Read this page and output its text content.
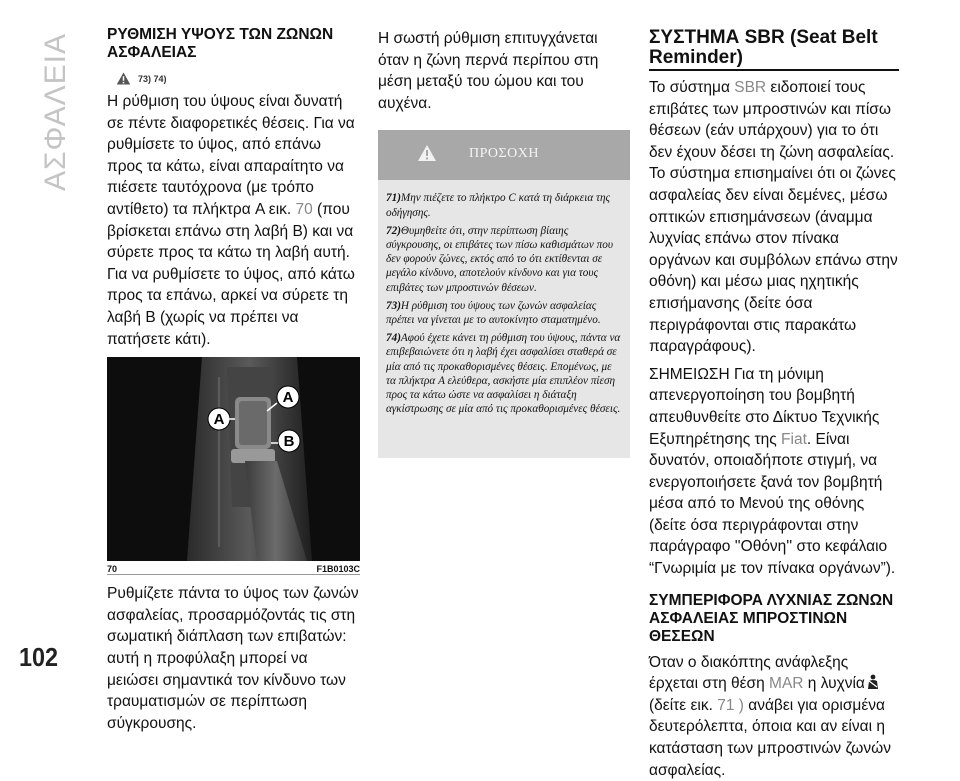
ΑΣΦΑΛΕΙΑ
102
ΡΥΘΜΙΣΗ ΥΨΟΥΣ ΤΩΝ ΖΩΝΩΝ ΑΣΦΑΛΕΙΑΣ
73) 74)

Η ρύθμιση του ύψους είναι δυνατή σε πέντε διαφορετικές θέσεις. Για να ρυθμίσετε το ύψος, από επάνω προς τα κάτω, είναι απαραίτητο να πιέσετε ταυτόχρονα (με τρόπο αντίθετο) τα πλήκτρα A εικ. 70 (που βρίσκεται επάνω στη λαβή B) και να σύρετε προς τα κάτω τη λαβή αυτή. Για να ρυθμίσετε το ύψος, από κάτω προς τα επάνω, αρκεί να σύρετε τη λαβή B (χωρίς να πρέπει να πατήσετε κάτι).

A
A
B
70	F1B0103C

Ρυθμίζετε πάντα το ύψος των ζωνών ασφαλείας, προσαρμόζοντάς τις στη σωματική διάπλαση των επιβατών: αυτή η προφύλαξη μπορεί να μειώσει σημαντικά τον κίνδυνο των τραυματισμών σε περίπτωση σύγκρουσης.

Η σωστή ρύθμιση επιτυγχάνεται όταν η ζώνη περνά περίπου στη μέση μεταξύ του ώμου και του αυχένα.

ΠΡΟΣΟΧΗ

71)Μην πιέζετε το πλήκτρο C κατά τη διάρκεια της οδήγησης.

72)Θυμηθείτε ότι, στην περίπτωση βίαιης σύγκρουσης, οι επιβάτες των πίσω καθισμάτων που δεν φορούν ζώνες, εκτός από το ότι εκτίθενται σε μεγάλο κίνδυνο, αποτελούν κίνδυνο και για τους επιβάτες των μπροστινών θέσεων.

73)Η ρύθμιση του ύψους των ζωνών ασφαλείας πρέπει να γίνεται με το αυτοκίνητο σταματημένο.

74)Αφού έχετε κάνει τη ρύθμιση του ύψους, πάντα να επιβεβαιώνετε ότι η λαβή έχει ασφαλίσει σταθερά σε μία από τις προκαθορισμένες θέσεις. Επομένως, με τα πλήκτρα A ελεύθερα, ασκήστε μία επιπλέον πίεση προς τα κάτω ώστε να ασφαλίσει η διάταξη αγκίστρωσης σε μία από τις προκαθορισμένες θέσεις.

ΣΥΣΤΗΜΑ SBR (Seat Belt Reminder)

Το σύστημα SBR ειδοποιεί τους επιβάτες των μπροστινών και πίσω θέσεων (εάν υπάρχουν) για το ότι δεν έχουν δέσει τη ζώνη ασφαλείας. Το σύστημα επισημαίνει ότι οι ζώνες ασφαλείας δεν είναι δεμένες, μέσω οπτικών επισημάνσεων (άναμμα λυχνίας επάνω στον πίνακα οργάνων και συμβόλων επάνω στην οθόνη) και μέσω μιας ηχητικής επισήμανσης (δείτε όσα περιγράφονται στις παρακάτω παραγράφους).

ΣΗΜΕΙΩΣΗ Για τη μόνιμη απενεργοποίηση του βομβητή απευθυνθείτε στο Δίκτυο Τεχνικής Εξυπηρέτησης της Fiat. Είναι δυνατόν, οποιαδήποτε στιγμή, να ενεργοποιήσετε ξανά τον βομβητή μέσα από το Μενού της οθόνης (δείτε όσα περιγράφονται στην παράγραφο ''Οθόνη'' στο κεφάλαιο “Γνωριμία με τον πίνακα οργάνων”).

ΣΥΜΠΕΡΙΦΟΡΑ ΛΥΧΝΙΑΣ ΖΩΝΩΝ ΑΣΦΑΛΕΙΑΣ ΜΠΡΟΣΤΙΝΩΝ ΘΕΣΕΩΝ

Όταν ο διακόπτης ανάφλεξης έρχεται στη θέση MAR η λυχνία(δείτε εικ. 71 ) ανάβει για ορισμένα δευτερόλεπτα, όποια και αν είναι η κατάσταση των μπροστινών ζωνών ασφαλείας.
